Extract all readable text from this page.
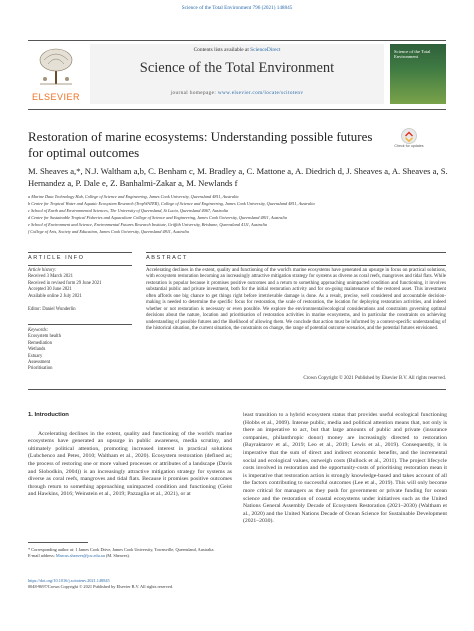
Science of the Total Environment 796 (2021) 148845
ELSEVIER
Contents lists available at ScienceDirect
Science of the Total Environment
journal homepage: www.elsevier.com/locate/scitotenv
Science of the Total Environment
Restoration of marine ecosystems: Understanding possible futures for optimal outcomes	Check for updates
M. Sheaves a,*, N.J. Waltham a,b, C. Benham c, M. Bradley a, C. Mattone a, A. Diedrich d, J. Sheaves a, A. Sheaves a, S. Hernandez a, P. Dale e, Z. Banhalmi-Zakar a, M. Newlands f
a Marine Data Technology Hub, College of Science and Engineering, James Cook University, Queensland 4811, Australia
b Centre for Tropical Water and Aquatic Ecosystem Research (TropWATER), College of Science and Engineering, James Cook University, Queensland 4811, Australia
c School of Earth and Environmental Sciences, The University of Queensland, St Lucia, Queensland 4067, Australia
d Centre for Sustainable Tropical Fisheries and Aquaculture College of Science and Engineering, James Cook University, Queensland 4811, Australia
e School of Environment and Science, Environmental Futures Research Institute, Griffith University, Brisbane, Queensland 4111, Australia
f College of Arts, Society and Education, James Cook University, Queensland 4811, Australia
ARTICLE INFO	ABSTRACT
Article history:
Received 3 March 2021
Received in revised form 29 June 2021
Accepted 30 June 2021
Available online 2 July 2021
Editor: Daniel Wunderlin
Keywords:
Ecosystem health
Remediation
Wetlands
Estuary
Assessment
Prioritisation
Accelerating declines in the extent, quality and functioning of the world's marine ecosystems have generated an upsurge in focus on practical solutions, with ecosystem restoration becoming an increasingly attractive mitigation strategy for systems as diverse as coral reefs, mangroves and tidal flats. While restoration is popular because it promises positive outcomes and a return to something approaching unimpacted condition and functioning, it involves substantial public and private investment, both for the initial restoration activity and for on-going maintenance of the restored asset. This investment often affords one big chance to get things right before irretrievable damage is done. As a result, precise, well considered and accountable decision-making is needed to determine the specific focus for restoration, the scale of restoration, the location for deploying restoration activities, and indeed whether or not restoration is necessary or even possible. We explore the environmental/ecological considerations and constraints governing optimal decisions about the nature, location and prioritisation of restoration activities in marine ecosystems, and in particular the constraints on achieving understanding of possible futures and the likelihood of allowing them. We conclude that action must be informed by a context-specific understanding of the historical situation, the current situation, the constraints on change, the range of potential outcome scenarios, and the potential futures envisioned.
Crown Copyright © 2021 Published by Elsevier B.V. All rights reserved.
1. Introduction
Accelerating declines in the extent, quality and functioning of the world's marine ecosystems have generated an upsurge in public awareness, media scrutiny, and ultimately political attention, promoting increased interest in practical solutions (Lubchenco and Petes, 2010; Waltham et al., 2020). Ecosystem restoration (defined as; the process of restoring one or more valued processes or attributes of a landscape (Davis and Slobodkin, 2004)) is an increasingly attractive mitigation strategy for systems as diverse as coral reefs, mangroves and tidal flats. Because it promises positive outcomes through return to something approaching unimpacted condition and functioning (Geist and Hawkins, 2016; Weinstein et al., 2019; Pazzaglia et al., 2021), or at
least transition to a hybrid ecosystem status that provides useful ecological functioning (Hobbs et al., 2009). Intense public, media and political attention means that, not only is there an imperative to act, but that large amounts of public and private (insurance companies, philanthropic donor) money are increasingly directed to restoration (Bayraktarov et al., 2019; Leo et al., 2019; Lewis et al., 2019). Consequently, it is imperative that the sum of direct and indirect economic benefits, and the incremental social and ecological values, outweigh costs (Bullock et al., 2011). The project lifecycle costs involved in restoration and the opportunity-costs of prioritising restoration mean it is imperative that restoration action is strongly knowledge-based and takes account of all the factors contributing to successful outcomes (Lee et al., 2019). This will only become more critical for managers as they push for government or private funding for ocean science and the restoration of coastal ecosystems under initiatives such as the United Nations General Assembly Decade of Ecosystem Restoration (2021–2030) (Waltham et al., 2020) and the United Nations Decade of Ocean Science for Sustainable Development (2021–2030).
* Corresponding author at: 1 James Cook Drive, James Cook University, Townsville, Queensland, Australia.
E-mail address: Marcus.sheaves@jcu.edu.au (M. Sheaves).
https://doi.org/10.1016/j.scitotenv.2021.148845
0048-9697/Crown Copyright © 2021 Published by Elsevier B.V. All rights reserved.
